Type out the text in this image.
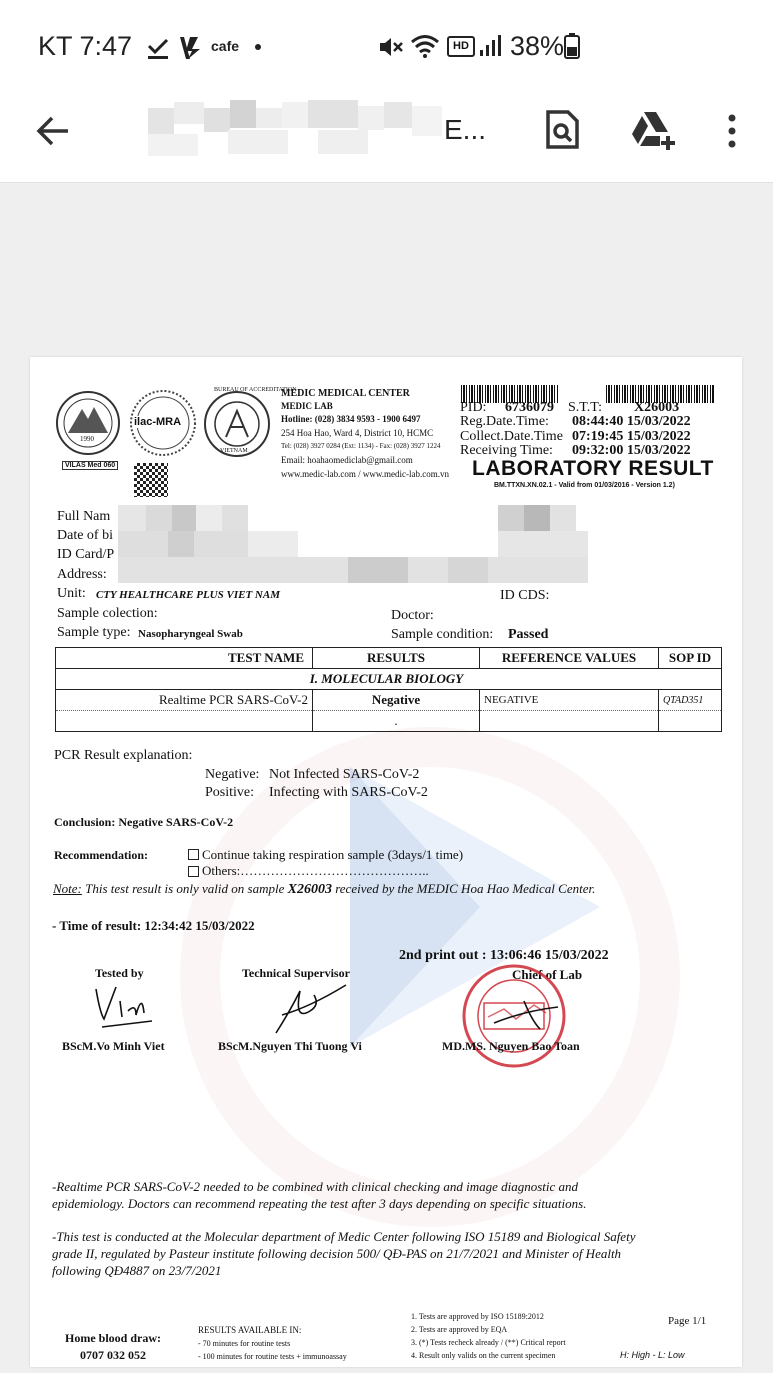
KT 7:47	cafe	HD 38%
E...
1990
VILAS Med 060
ilac-MRA
VIETNAM
BUREAU OF ACCREDITATION
MEDIC MEDICAL CENTER
MEDIC LAB
Hotline: (028) 3834 9593 - 1900 6497
254 Hoa Hao, Ward 4, District 10, HCMC
Tel: (028) 3927 0284 (Ext: 1134) - Fax: (028) 3927 1224
Email: hoahaomediclab@gmail.com
www.medic-lab.com / www.medic-lab.com.vn
PID: 6736079 S.T.T: X26003
Reg.Date.Time: 08:44:40 15/03/2022
Collect.Date.Time 07:19:45 15/03/2022
Receiving Time: 09:32:00 15/03/2022
LABORATORY RESULT
BM.TTXN.XN.02.1 - Valid from 01/03/2016 - Version 1.2)
Full Nam
Date of bi
ID Card/P
Address:
Unit: CTY HEALTHCARE PLUS VIET NAM	ID CDS:
Sample colection:	Doctor:
Sample type: Nasopharyngeal Swab	Sample condition: Passed
TEST NAME	RESULTS	REFERENCE VALUES	SOP ID
I. MOLECULAR BIOLOGY			
Realtime PCR SARS-CoV-2	Negative	NEGATIVE	QTAD351
	.		
PCR Result explanation:
Negative: Not Infected SARS-CoV-2
Positive: Infecting with SARS-CoV-2
Conclusion: Negative SARS-CoV-2
Recommendation:	Continue taking respiration sample (3days/1 time)
Others:……………………………………..
Note: This test result is only valid on sample X26003 received by the MEDIC Hoa Hao Medical Center.
- Time of result: 12:34:42 15/03/2022
2nd print out : 13:06:46 15/03/2022
Tested by
BScM.Vo Minh Viet
Technical Supervisor
BScM.Nguyen Thi Tuong Vi
Chief of Lab
MD.MS. Nguyen Bao Toan
-Realtime PCR SARS-CoV-2 needed to be combined with clinical checking and image diagnostic and
epidemiology. Doctors can recommend repeating the test after 3 days depending on specific situations.
-This test is conducted at the Molecular department of Medic Center following ISO 15189 and Biological Safety
grade II, regulated by Pasteur institute following decision 500/ QĐ-PAS on 21/7/2021 and Minister of Health
following QĐ4887 on 23/7/2021
Home blood draw:
0707 032 052
RESULTS AVAILABLE IN:
- 70 minutes for routine tests
- 100 minutes for routine tests + immunoassay
1. Tests are approved by ISO 15189:2012
2. Tests are approved by EQA
3. (*) Tests recheck already / (**) Critical report
4. Result only valids on the current specimen
Page 1/1
H: High - L: Low
